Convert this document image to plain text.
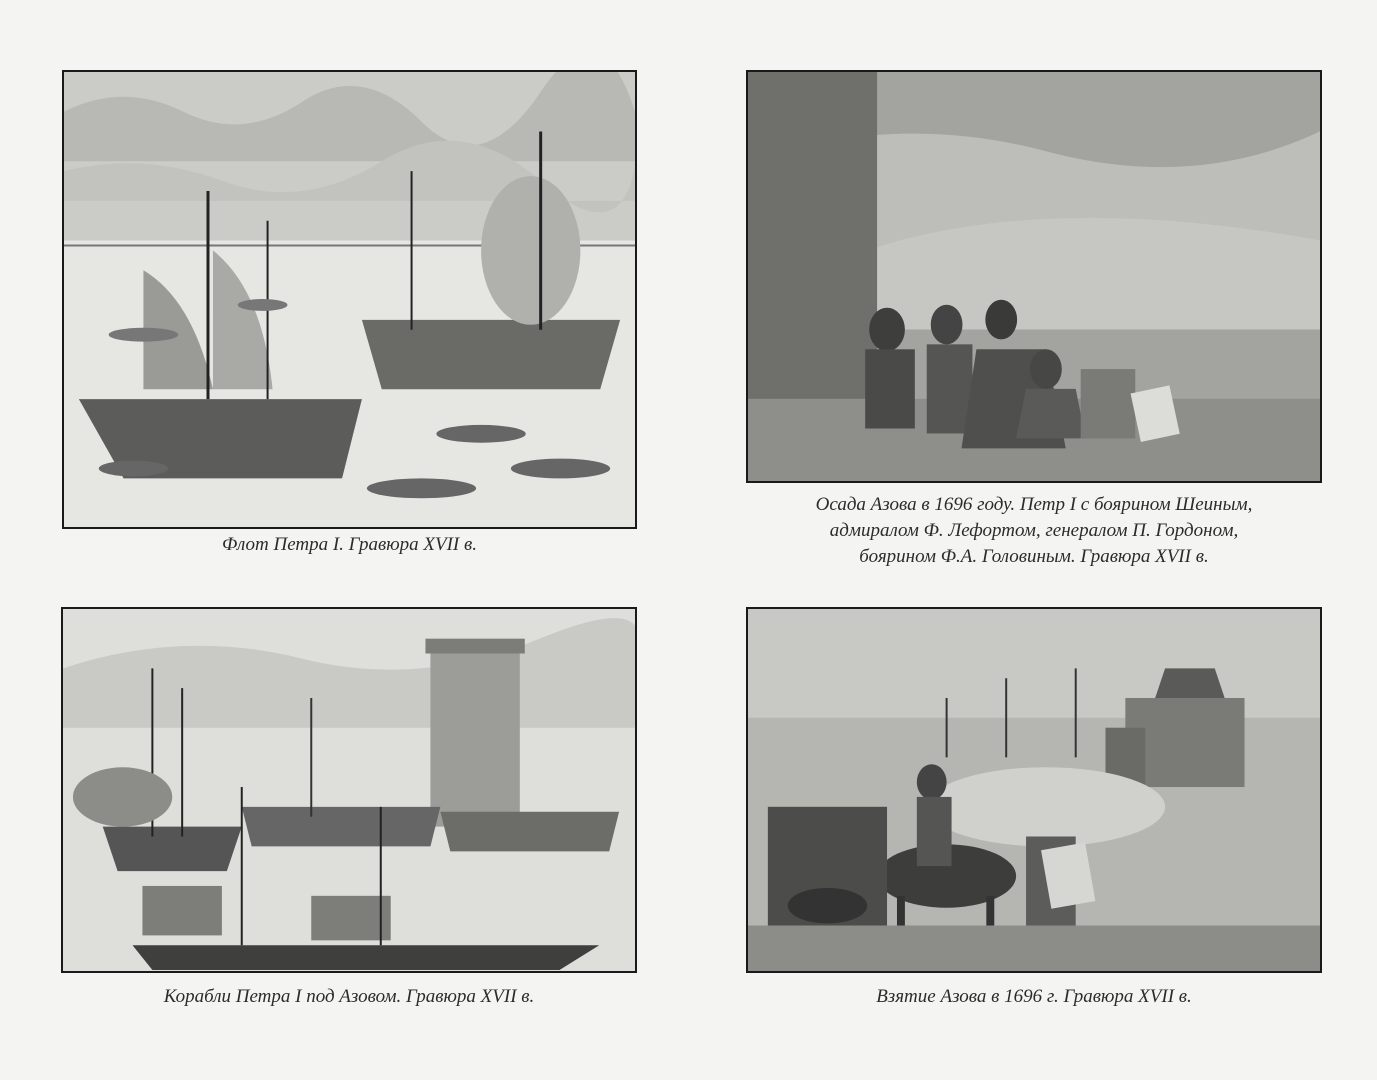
Флот Петра I. Гравюра XVII в.
Осада Азова в 1696 году. Петр I с боярином Шеиным,
адмиралом Ф. Лефортом, генералом П. Гордоном,
боярином Ф.А. Головиным. Гравюра XVII в.
Корабли Петра I под Азовом. Гравюра XVII в.	Взятие Азова в 1696 г. Гравюра XVII в.
